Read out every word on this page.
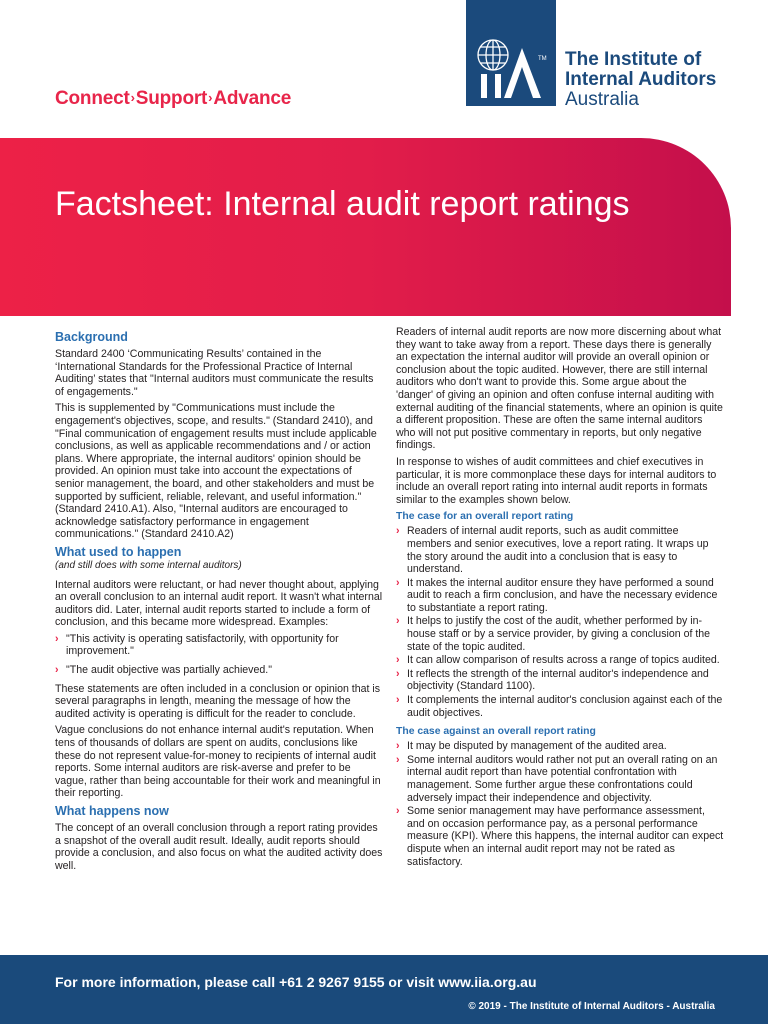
Connect›Support›Advance
TM The Institute of
Internal Auditors
Australia
Factsheet: Internal audit report ratings
Background

Standard 2400 ‘Communicating Results’ contained in the ‘International Standards for the Professional Practice of Internal Auditing’ states that "Internal auditors must communicate the results of engagements."

This is supplemented by "Communications must include the engagement's objectives, scope, and results." (Standard 2410), and "Final communication of engagement results must include applicable conclusions, as well as applicable recommendations and / or action plans. Where appropriate, the internal auditors' opinion should be provided. An opinion must take into account the expectations of senior management, the board, and other stakeholders and must be supported by sufficient, reliable, relevant, and useful information." (Standard 2410.A1). Also, "Internal auditors are encouraged to acknowledge satisfactory performance in engagement communications." (Standard 2410.A2)

What used to happen
(and still does with some internal auditors)

Internal auditors were reluctant, or had never thought about, applying an overall conclusion to an internal audit report. It wasn't what internal auditors did. Later, internal audit reports started to include a form of conclusion, and this became more widespread. Examples:

› "This activity is operating satisfactorily, with opportunity for improvement."
› "The audit objective was partially achieved."

These statements are often included in a conclusion or opinion that is several paragraphs in length, meaning the message of how the audited activity is operating is difficult for the reader to conclude.

Vague conclusions do not enhance internal audit's reputation. When tens of thousands of dollars are spent on audits, conclusions like these do not represent value-for-money to recipients of internal audit reports. Some internal auditors are risk-averse and prefer to be vague, rather than being accountable for their work and meaningful in their reporting.

What happens now

The concept of an overall conclusion through a report rating provides a snapshot of the overall audit result. Ideally, audit reports should provide a conclusion, and also focus on what the audited activity does well.

Readers of internal audit reports are now more discerning about what they want to take away from a report. These days there is generally an expectation the internal auditor will provide an overall opinion or conclusion about the topic audited. However, there are still internal auditors who don't want to provide this. Some argue about the 'danger' of giving an opinion and often confuse internal auditing with external auditing of the financial statements, where an opinion is quite a different proposition. These are often the same internal auditors who will not put positive commentary in reports, but only negative findings.

In response to wishes of audit committees and chief executives in particular, it is more commonplace these days for internal auditors to include an overall report rating into internal audit reports in formats similar to the examples shown below.

The case for an overall report rating
› Readers of internal audit reports, such as audit committee members and senior executives, love a report rating. It wraps up the story around the audit into a conclusion that is easy to understand.
› It makes the internal auditor ensure they have performed a sound audit to reach a firm conclusion, and have the necessary evidence to substantiate a report rating.
› It helps to justify the cost of the audit, whether performed by in-house staff or by a service provider, by giving a conclusion of the state of the topic audited.
› It can allow comparison of results across a range of topics audited.
› It reflects the strength of the internal auditor's independence and objectivity (Standard 1100).
› It complements the internal auditor's conclusion against each of the audit objectives.
The case against an overall report rating
› It may be disputed by management of the audited area.
› Some internal auditors would rather not put an overall rating on an internal audit report than have potential confrontation with management. Some further argue these confrontations could adversely impact their independence and objectivity.
› Some senior management may have performance assessment, and on occasion performance pay, as a personal performance measure (KPI). Where this happens, the internal auditor can expect dispute when an internal audit report may not be rated as satisfactory.
For more information, please call +61 2 9267 9155 or visit www.iia.org.au
© 2019 - The Institute of Internal Auditors - Australia
